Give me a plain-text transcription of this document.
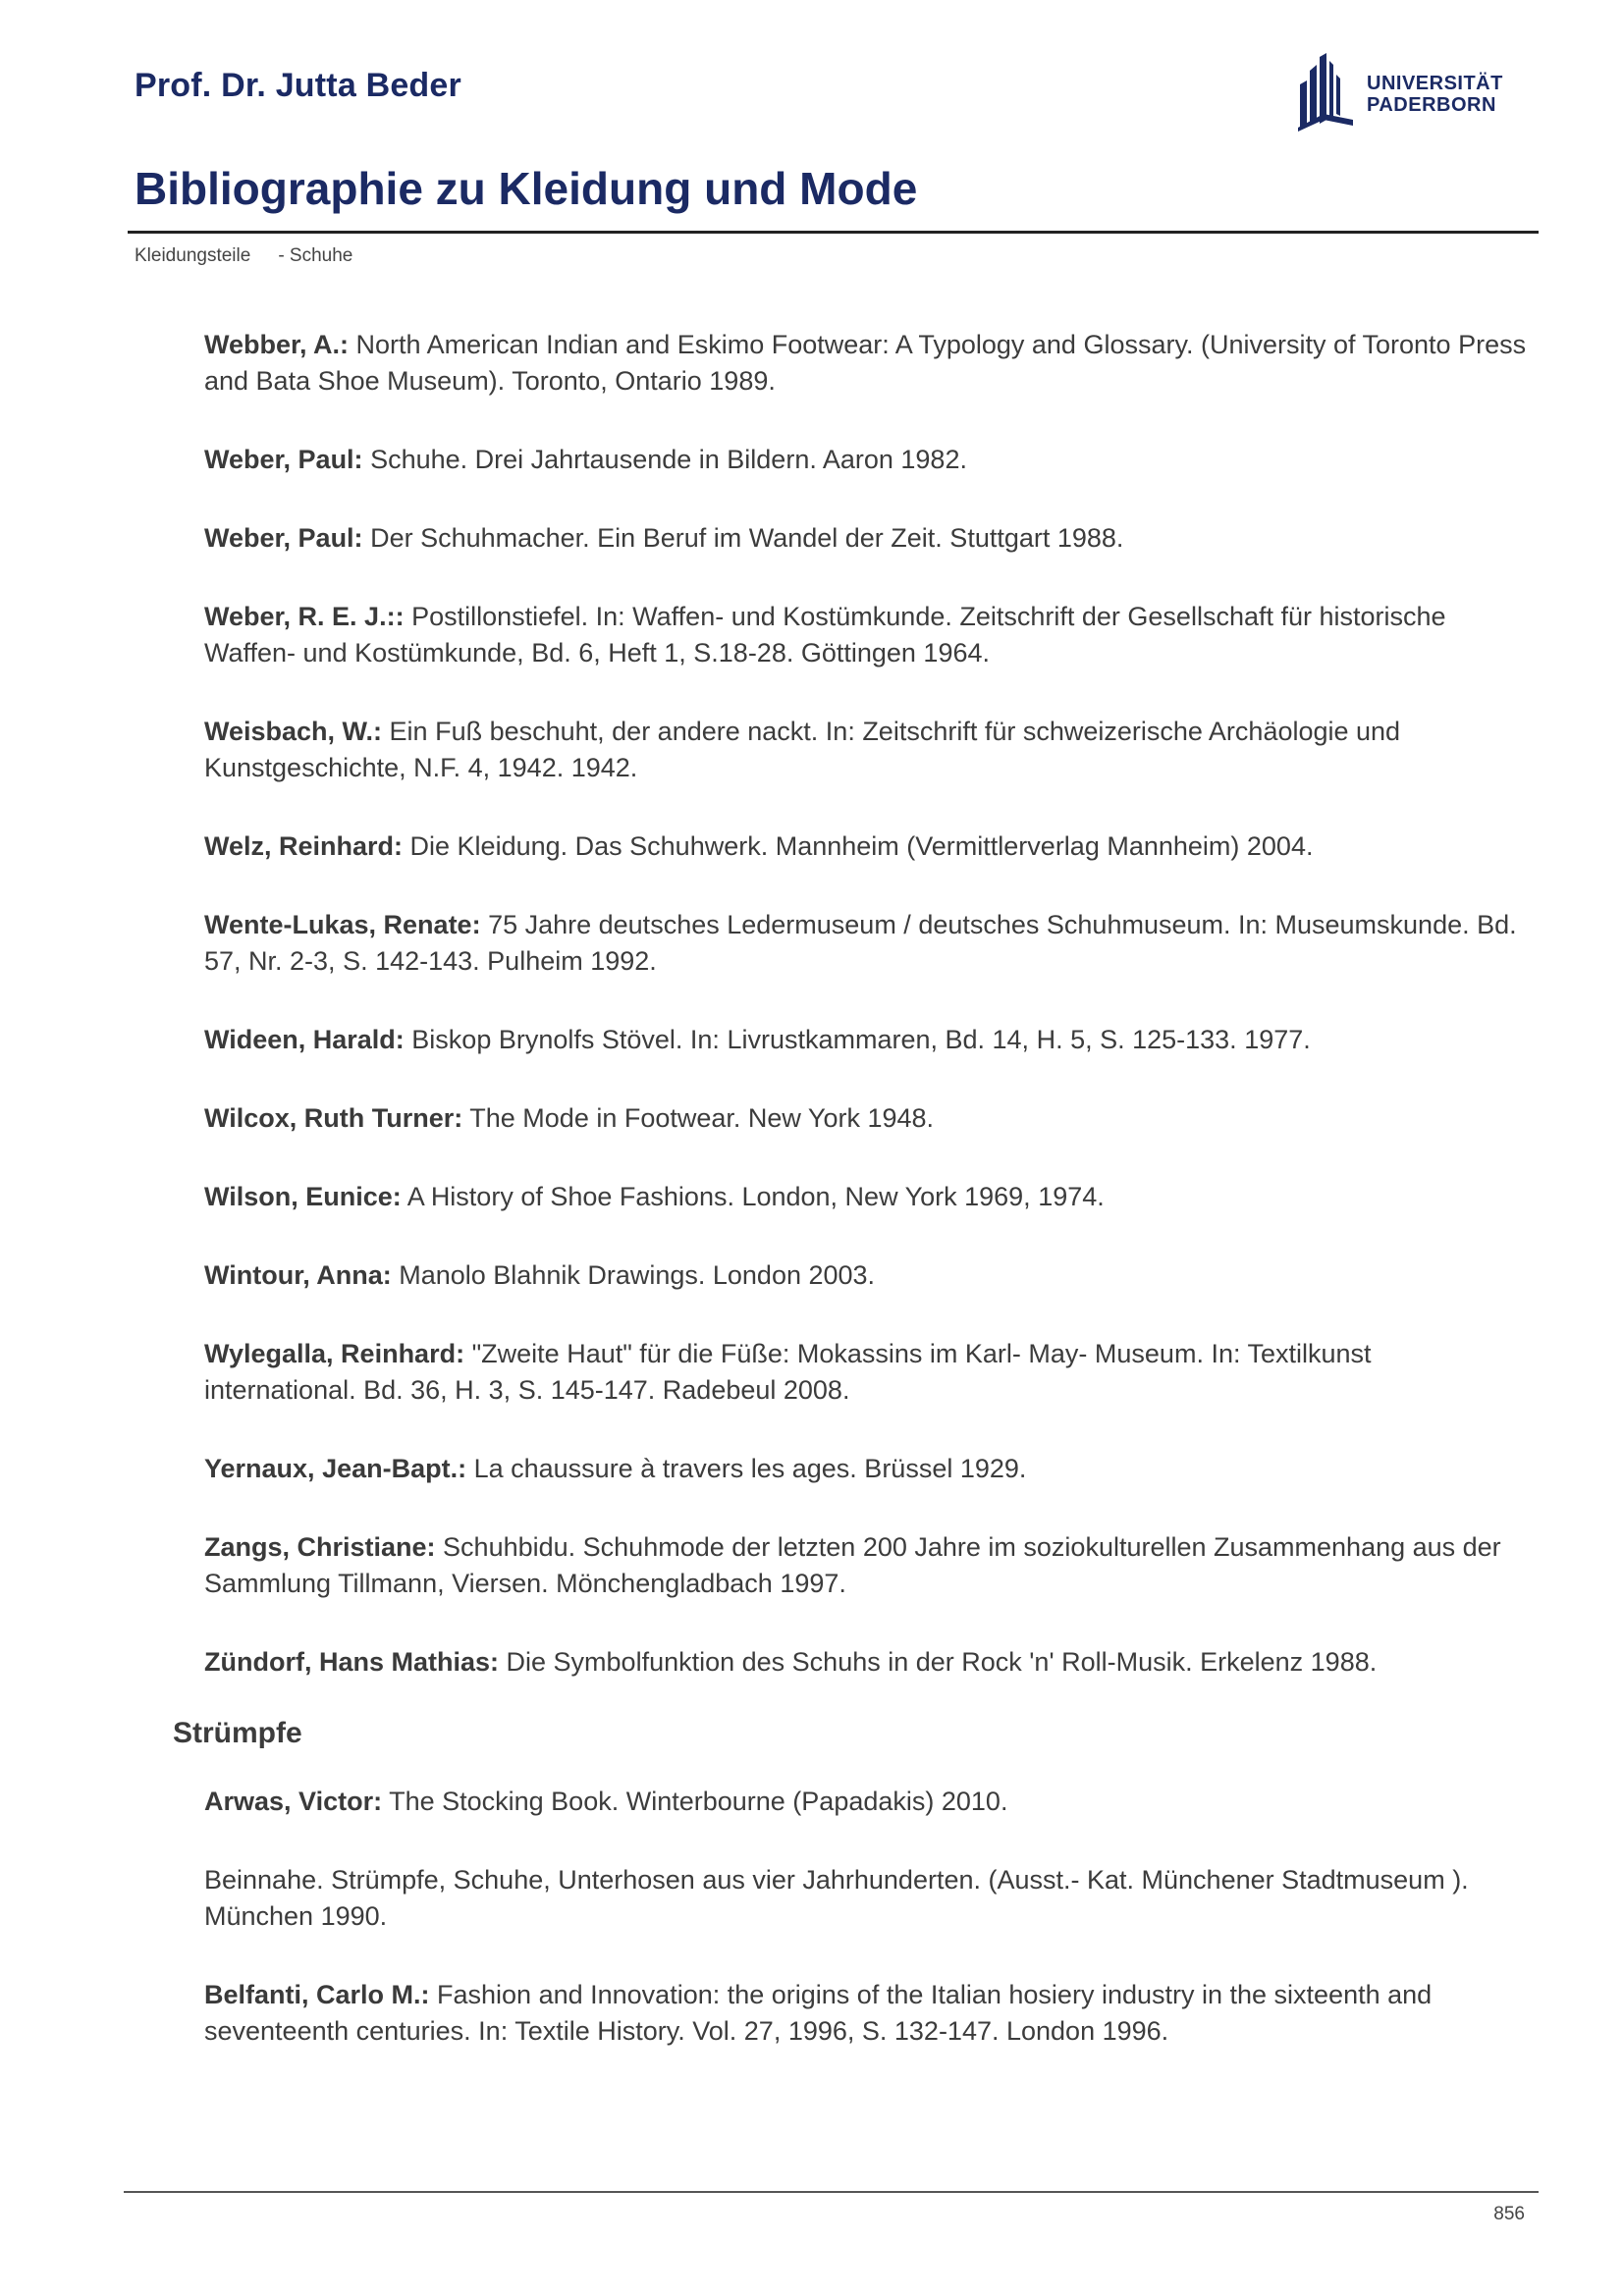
Prof. Dr. Jutta Beder	UNIVERSITÄT
PADERBORN
Bibliographie zu Kleidung und Mode
Kleidungsteile - Schuhe
Webber, A.: North American Indian and Eskimo Footwear: A Typology and Glossary. (University of Toronto Press and Bata Shoe Museum). Toronto, Ontario 1989.
Weber, Paul: Schuhe. Drei Jahrtausende in Bildern. Aaron 1982.
Weber, Paul: Der Schuhmacher. Ein Beruf im Wandel der Zeit. Stuttgart 1988.
Weber, R. E. J.:: Postillonstiefel. In: Waffen- und Kostümkunde. Zeitschrift der Gesellschaft für historische Waffen- und Kostümkunde, Bd. 6, Heft 1, S.18-28. Göttingen 1964.
Weisbach, W.: Ein Fuß beschuht, der andere nackt. In: Zeitschrift für schweizerische Archäologie und Kunstgeschichte, N.F. 4, 1942. 1942.
Welz, Reinhard: Die Kleidung. Das Schuhwerk. Mannheim (Vermittlerverlag Mannheim) 2004.
Wente-Lukas, Renate: 75 Jahre deutsches Ledermuseum / deutsches Schuhmuseum. In: Museumskunde. Bd. 57, Nr. 2-3, S. 142-143. Pulheim 1992.
Wideen, Harald: Biskop Brynolfs Stövel. In: Livrustkammaren, Bd. 14, H. 5, S. 125-133. 1977.
Wilcox, Ruth Turner: The Mode in Footwear. New York 1948.
Wilson, Eunice: A History of Shoe Fashions. London, New York 1969, 1974.
Wintour, Anna: Manolo Blahnik Drawings. London 2003.
Wylegalla, Reinhard: "Zweite Haut" für die Füße: Mokassins im Karl- May- Museum. In: Textilkunst international. Bd. 36, H. 3, S. 145-147. Radebeul 2008.
Yernaux, Jean-Bapt.: La chaussure à travers les ages. Brüssel 1929.
Zangs, Christiane: Schuhbidu. Schuhmode der letzten 200 Jahre im soziokulturellen Zusammenhang aus der Sammlung Tillmann, Viersen. Mönchengladbach 1997.
Zündorf, Hans Mathias: Die Symbolfunktion des Schuhs in der Rock 'n' Roll-Musik. Erkelenz 1988.
Strümpfe
Arwas, Victor: The Stocking Book. Winterbourne (Papadakis) 2010.
Beinnahe. Strümpfe, Schuhe, Unterhosen aus vier Jahrhunderten. (Ausst.- Kat. Münchener Stadtmuseum ). München 1990.
Belfanti, Carlo M.: Fashion and Innovation: the origins of the Italian hosiery industry in the sixteenth and seventeenth centuries. In: Textile History. Vol. 27, 1996, S. 132-147. London 1996.
856
